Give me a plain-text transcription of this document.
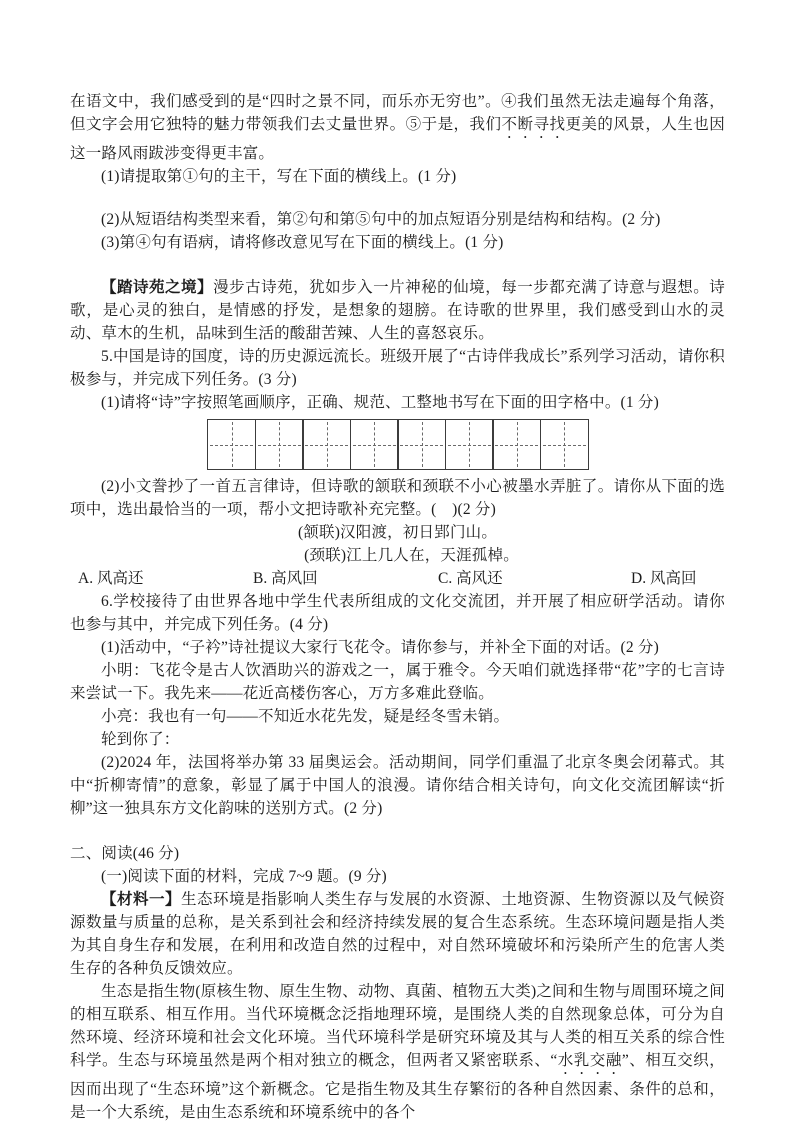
在语文中，我们感受到的是“四时之景不同，而乐亦无穷也”。④我们虽然无法走遍每个角落，但文字会用它独特的魅力带领我们去丈量世界。⑤于是，我们不断寻找更美的风景，人生也因这一路风雨跋涉变得更丰富。

(1)请提取第①句的主干，写在下面的横线上。(1 分)

(2)从短语结构类型来看，第②句和第⑤句中的加点短语分别是结构和结构。(2 分)

(3)第④句有语病，请将修改意见写在下面的横线上。(1 分)

【踏诗苑之境】漫步古诗苑，犹如步入一片神秘的仙境，每一步都充满了诗意与遐想。诗歌，是心灵的独白，是情感的抒发，是想象的翅膀。在诗歌的世界里，我们感受到山水的灵动、草木的生机，品味到生活的酸甜苦辣、人生的喜怒哀乐。

5.中国是诗的国度，诗的历史源远流长。班级开展了“古诗伴我成长”系列学习活动，请你积极参与，并完成下列任务。(3 分)

(1)请将“诗”字按照笔画顺序，正确、规范、工整地书写在下面的田字格中。(1 分)

(2)小文誊抄了一首五言律诗，但诗歌的颔联和颈联不小心被墨水弄脏了。请你从下面的选项中，选出最恰当的一项，帮小文把诗歌补充完整。(　)(2 分)

(颔联)汉阳渡，初日郢门山。

(颈联)江上几人在，天涯孤棹。

A. 风高还	B. 高风回	C. 高风还	D. 风高回

6.学校接待了由世界各地中学生代表所组成的文化交流团，并开展了相应研学活动。请你也参与其中，并完成下列任务。(4 分)

(1)活动中，“子衿”诗社提议大家行飞花令。请你参与，并补全下面的对话。(2 分)

小明：飞花令是古人饮酒助兴的游戏之一，属于雅令。今天咱们就选择带“花”字的七言诗来尝试一下。我先来——花近高楼伤客心，万方多难此登临。

小亮：我也有一句——不知近水花先发，疑是经冬雪未销。

轮到你了：

(2)2024 年，法国将举办第 33 届奥运会。活动期间，同学们重温了北京冬奥会闭幕式。其中“折柳寄情”的意象，彰显了属于中国人的浪漫。请你结合相关诗句，向文化交流团解读“折柳”这一独具东方文化韵味的送别方式。(2 分)

二、阅读(46 分)

(一)阅读下面的材料，完成 7~9 题。(9 分)

【材料一】生态环境是指影响人类生存与发展的水资源、土地资源、生物资源以及气候资源数量与质量的总称，是关系到社会和经济持续发展的复合生态系统。生态环境问题是指人类为其自身生存和发展，在利用和改造自然的过程中，对自然环境破坏和污染所产生的危害人类生存的各种负反馈效应。

生态是指生物(原核生物、原生生物、动物、真菌、植物五大类)之间和生物与周围环境之间的相互联系、相互作用。当代环境概念泛指地理环境，是围绕人类的自然现象总体，可分为自然环境、经济环境和社会文化环境。当代环境科学是研究环境及其与人类的相互关系的综合性科学。生态与环境虽然是两个相对独立的概念，但两者又紧密联系、“水乳交融”、相互交织，因而出现了“生态环境”这个新概念。它是指生物及其生存繁衍的各种自然因素、条件的总和，是一个大系统，是由生态系统和环境系统中的各个
